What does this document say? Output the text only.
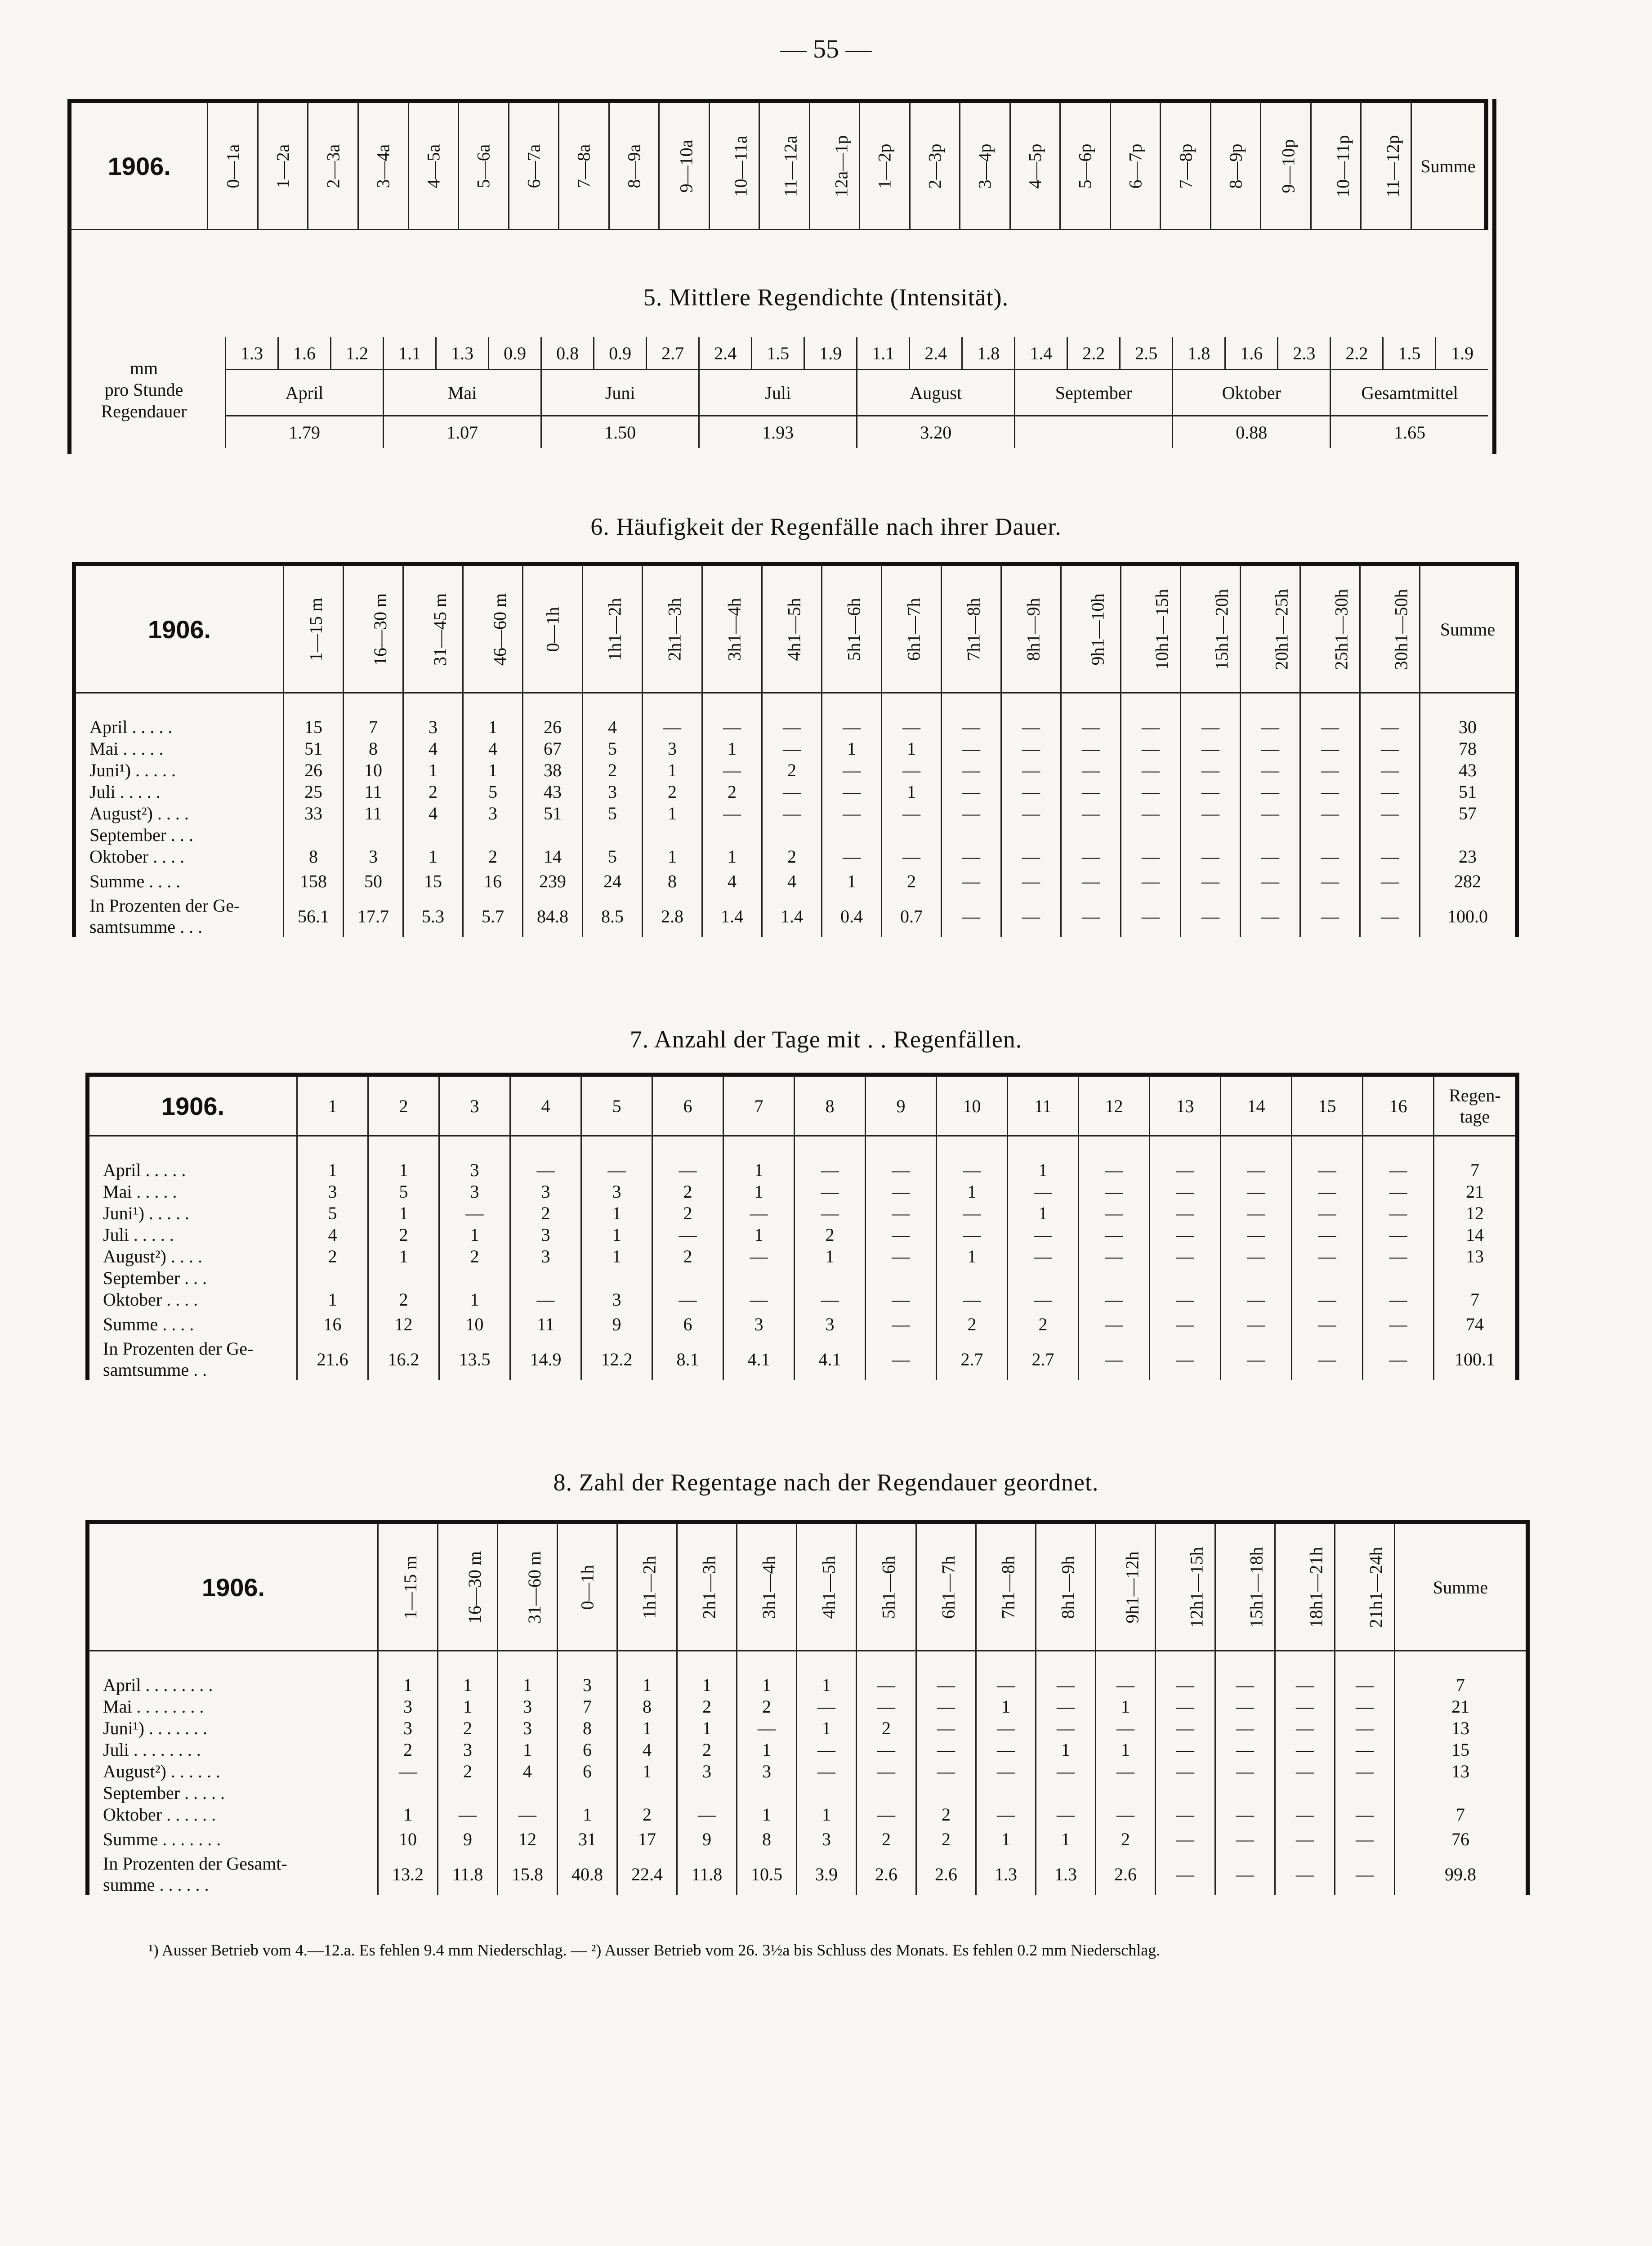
— 55 —
1906.	0—1a	1—2a	2—3a	3—4a	4—5a	5—6a	6—7a	7—8a	8—9a	9—10a	10—11a	11—12a	12a—1p	1—2p	2—3p	3—4p	4—5p	5—6p	6—7p	7—8p	8—9p	9—10p	10—11p	11—12p	Summe
5. Mittlere Regendichte (Intensität).
mm
pro Stunde
Regendauer
1.3	1.6	1.2	1.1	1.3	0.9	0.8	0.9	2.7	2.4	1.5	1.9	1.1	2.4	1.8	1.4	2.2	2.5	1.8	1.6	2.3	2.2	1.5	1.9
April			Mai			Juni			Juli			August			September			Oktober			Gesamtmittel		
1.79			1.07			1.50			1.93			3.20						0.88			1.65		
6. Häufigkeit der Regenfälle nach ihrer Dauer.
1906.	1—15 m	16—30 m	31—45 m	46—60 m	0—1h	1h1—2h	2h1—3h	3h1—4h	4h1—5h	5h1—6h	6h1—7h	7h1—8h	8h1—9h	9h1—10h	10h1—15h	15h1—20h	20h1—25h	25h1—30h	30h1—50h	Summe

April . . . . .	15	7	3	1	26	4	—	—	—	—	—	—	—	—	—	—	—	—	—	30
Mai . . . . .	51	8	4	4	67	5	3	1	—	1	1	—	—	—	—	—	—	—	—	78
Juni¹) . . . . .	26	10	1	1	38	2	1	—	2	—	—	—	—	—	—	—	—	—	—	43
Juli . . . . .	25	11	2	5	43	3	2	2	—	—	1	—	—	—	—	—	—	—	—	51
August²) . . . .	33	11	4	3	51	5	1	—	—	—	—	—	—	—	—	—	—	—	—	57
September . . .																				
Oktober . . . .	8	3	1	2	14	5	1	1	2	—	—	—	—	—	—	—	—	—	—	23
Summe . . . .	158	50	15	16	239	24	8	4	4	1	2	—	—	—	—	—	—	—	—	282

In Prozenten der Ge-
samtsumme . . .	56.1	17.7	5.3	5.7	84.8	8.5	2.8	1.4	1.4	0.4	0.7	—	—	—	—	—	—	—	—	100.0
7. Anzahl der Tage mit . . Regenfällen.
1906.	1	2	3	4	5	6	7	8	9	10	11	12	13	14	15	16	Regen-tage

April . . . . .	1	1	3	—	—	—	1	—	—	—	1	—	—	—	—	—	7
Mai . . . . .	3	5	3	3	3	2	1	—	—	1	—	—	—	—	—	—	21
Juni¹) . . . . .	5	1	—	2	1	2	—	—	—	—	1	—	—	—	—	—	12
Juli . . . . .	4	2	1	3	1	—	1	2	—	—	—	—	—	—	—	—	14
August²) . . . .	2	1	2	3	1	2	—	1	—	1	—	—	—	—	—	—	13
September . . .																	
Oktober . . . .	1	2	1	—	3	—	—	—	—	—	—	—	—	—	—	—	7
Summe . . . .	16	12	10	11	9	6	3	3	—	2	2	—	—	—	—	—	74

In Prozenten der Ge-
samtsumme . .	21.6	16.2	13.5	14.9	12.2	8.1	4.1	4.1	—	2.7	2.7	—	—	—	—	—	100.1
8. Zahl der Regentage nach der Regendauer geordnet.
1906.	1—15 m	16—30 m	31—60 m	0—1h	1h1—2h	2h1—3h	3h1—4h	4h1—5h	5h1—6h	6h1—7h	7h1—8h	8h1—9h	9h1—12h	12h1—15h	15h1—18h	18h1—21h	21h1—24h	Summe

April . . . . . . . .	1	1	1	3	1	1	1	1	—	—	—	—	—	—	—	—	—	7
Mai . . . . . . . .	3	1	3	7	8	2	2	—	—	—	1	—	1	—	—	—	—	21
Juni¹) . . . . . . .	3	2	3	8	1	1	—	1	2	—	—	—	—	—	—	—	—	13
Juli . . . . . . . .	2	3	1	6	4	2	1	—	—	—	—	1	1	—	—	—	—	15
August²) . . . . . .	—	2	4	6	1	3	3	—	—	—	—	—	—	—	—	—	—	13
September . . . . .																		
Oktober . . . . . .	1	—	—	1	2	—	1	1	—	2	—	—	—	—	—	—	—	7
Summe . . . . . . .	10	9	12	31	17	9	8	3	2	2	1	1	2	—	—	—	—	76

In Prozenten der Gesamt-
summe . . . . . .	13.2	11.8	15.8	40.8	22.4	11.8	10.5	3.9	2.6	2.6	1.3	1.3	2.6	—	—	—	—	99.8
¹) Ausser Betrieb vom 4.—12.a. Es fehlen 9.4 mm Niederschlag. — ²) Ausser Betrieb vom 26. 3½a bis Schluss des Monats. Es fehlen 0.2 mm Niederschlag.
